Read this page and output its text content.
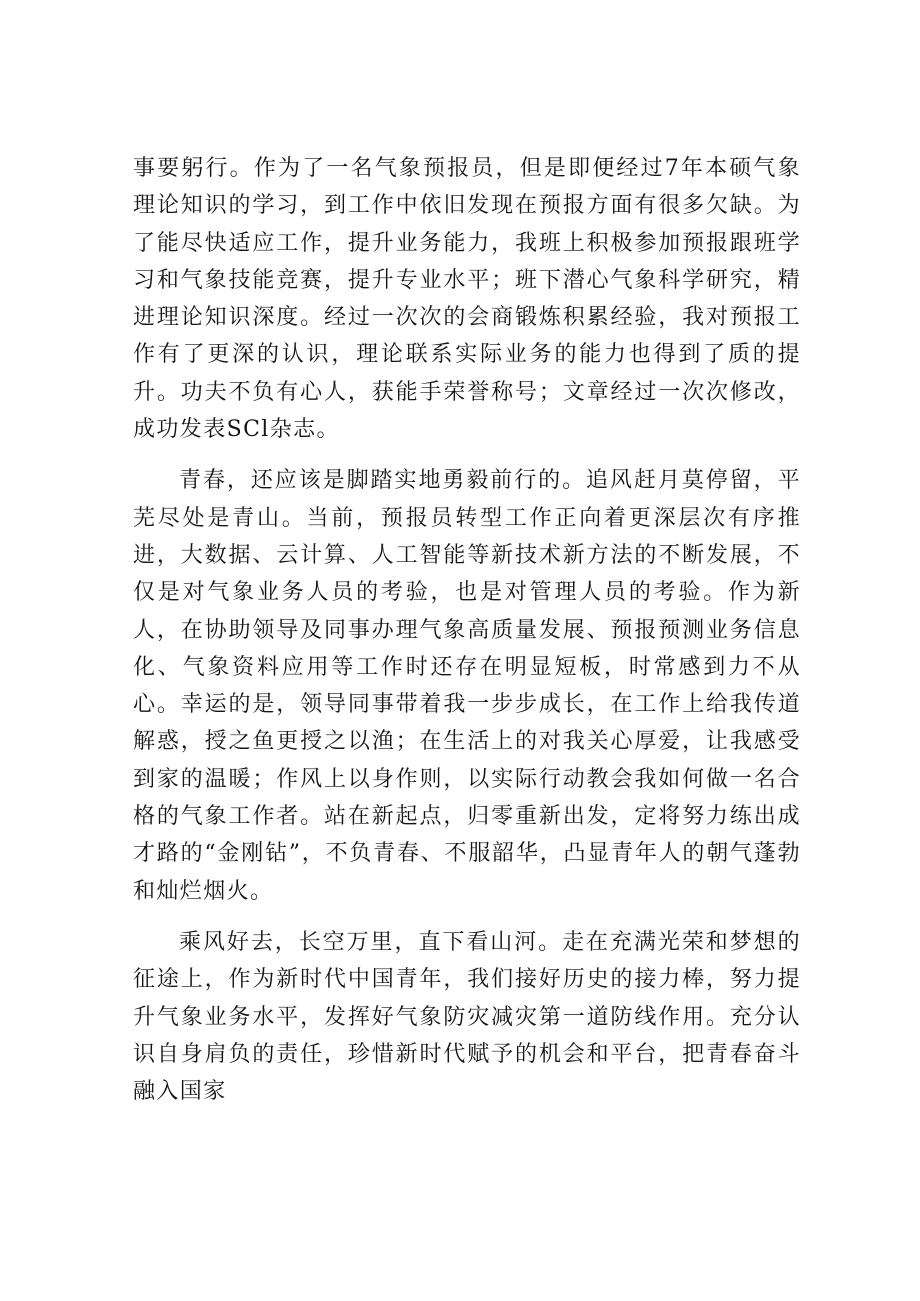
事要躬行。作为了一名气象预报员，但是即便经过7年本硕气象理论知识的学习，到工作中依旧发现在预报方面有很多欠缺。为了能尽快适应工作，提升业务能力，我班上积极参加预报跟班学习和气象技能竞赛，提升专业水平；班下潜心气象科学研究，精进理论知识深度。经过一次次的会商锻炼积累经验，我对预报工作有了更深的认识，理论联系实际业务的能力也得到了质的提升。功夫不负有心人，获能手荣誉称号；文章经过一次次修改，成功发表SCl杂志。

青春，还应该是脚踏实地勇毅前行的。追风赶月莫停留，平芜尽处是青山。当前，预报员转型工作正向着更深层次有序推进，大数据、云计算、人工智能等新技术新方法的不断发展，不仅是对气象业务人员的考验，也是对管理人员的考验。作为新人，在协助领导及同事办理气象高质量发展、预报预测业务信息化、气象资料应用等工作时还存在明显短板，时常感到力不从心。幸运的是，领导同事带着我一步步成长，在工作上给我传道解惑，授之鱼更授之以渔；在生活上的对我关心厚爱，让我感受到家的温暖；作风上以身作则，以实际行动教会我如何做一名合格的气象工作者。站在新起点，归零重新出发，定将努力练出成才路的“金刚钻”，不负青春、不服韶华，凸显青年人的朝气蓬勃和灿烂烟火。

乘风好去，长空万里，直下看山河。走在充满光荣和梦想的征途上，作为新时代中国青年，我们接好历史的接力棒，努力提升气象业务水平，发挥好气象防灾减灾第一道防线作用。充分认识自身肩负的责任，珍惜新时代赋予的机会和平台，把青春奋斗融入国家
